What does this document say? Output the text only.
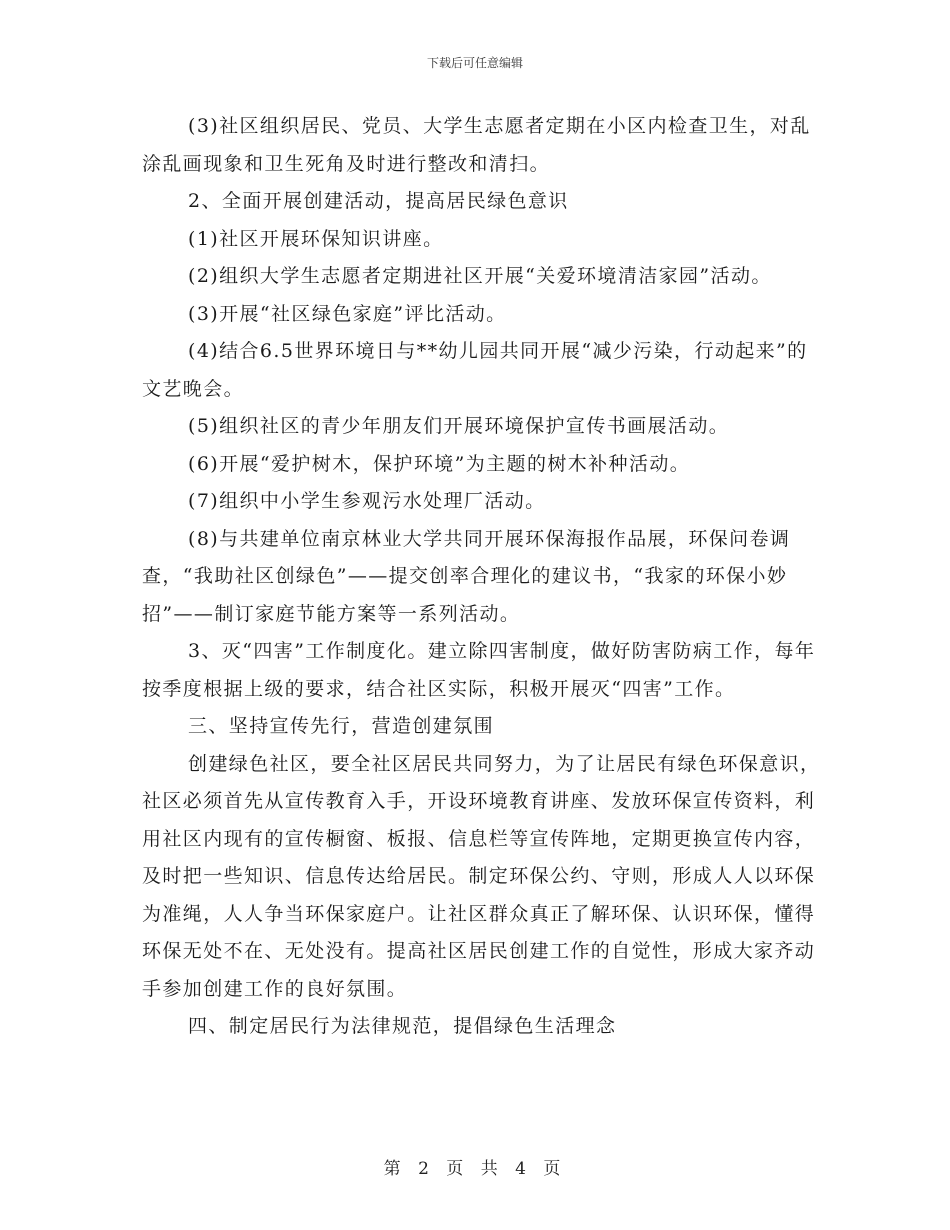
下载后可任意编辑

(3)社区组织居民、党员、大学生志愿者定期在小区内检查卫生，对乱涂乱画现象和卫生死角及时进行整改和清扫。

2、全面开展创建活动，提高居民绿色意识

(1)社区开展环保知识讲座。

(2)组织大学生志愿者定期进社区开展“关爱环境清洁家园”活动。

(3)开展“社区绿色家庭”评比活动。

(4)结合6.5世界环境日与**幼儿园共同开展“减少污染，行动起来”的文艺晚会。

(5)组织社区的青少年朋友们开展环境保护宣传书画展活动。

(6)开展“爱护树木，保护环境”为主题的树木补种活动。

(7)组织中小学生参观污水处理厂活动。

(8)与共建单位南京林业大学共同开展环保海报作品展，环保问卷调查，“我助社区创绿色”——提交创率合理化的建议书，“我家的环保小妙招”——制订家庭节能方案等一系列活动。

3、灭“四害”工作制度化。建立除四害制度，做好防害防病工作，每年按季度根据上级的要求，结合社区实际，积极开展灭“四害”工作。

三、坚持宣传先行，营造创建氛围

创建绿色社区，要全社区居民共同努力，为了让居民有绿色环保意识，社区必须首先从宣传教育入手，开设环境教育讲座、发放环保宣传资料，利用社区内现有的宣传橱窗、板报、信息栏等宣传阵地，定期更换宣传内容，及时把一些知识、信息传达给居民。制定环保公约、守则，形成人人以环保为准绳，人人争当环保家庭户。让社区群众真正了解环保、认识环保，懂得环保无处不在、无处没有。提高社区居民创建工作的自觉性，形成大家齐动手参加创建工作的良好氛围。

四、制定居民行为法律规范，提倡绿色生活理念

第 2 页 共 4 页
